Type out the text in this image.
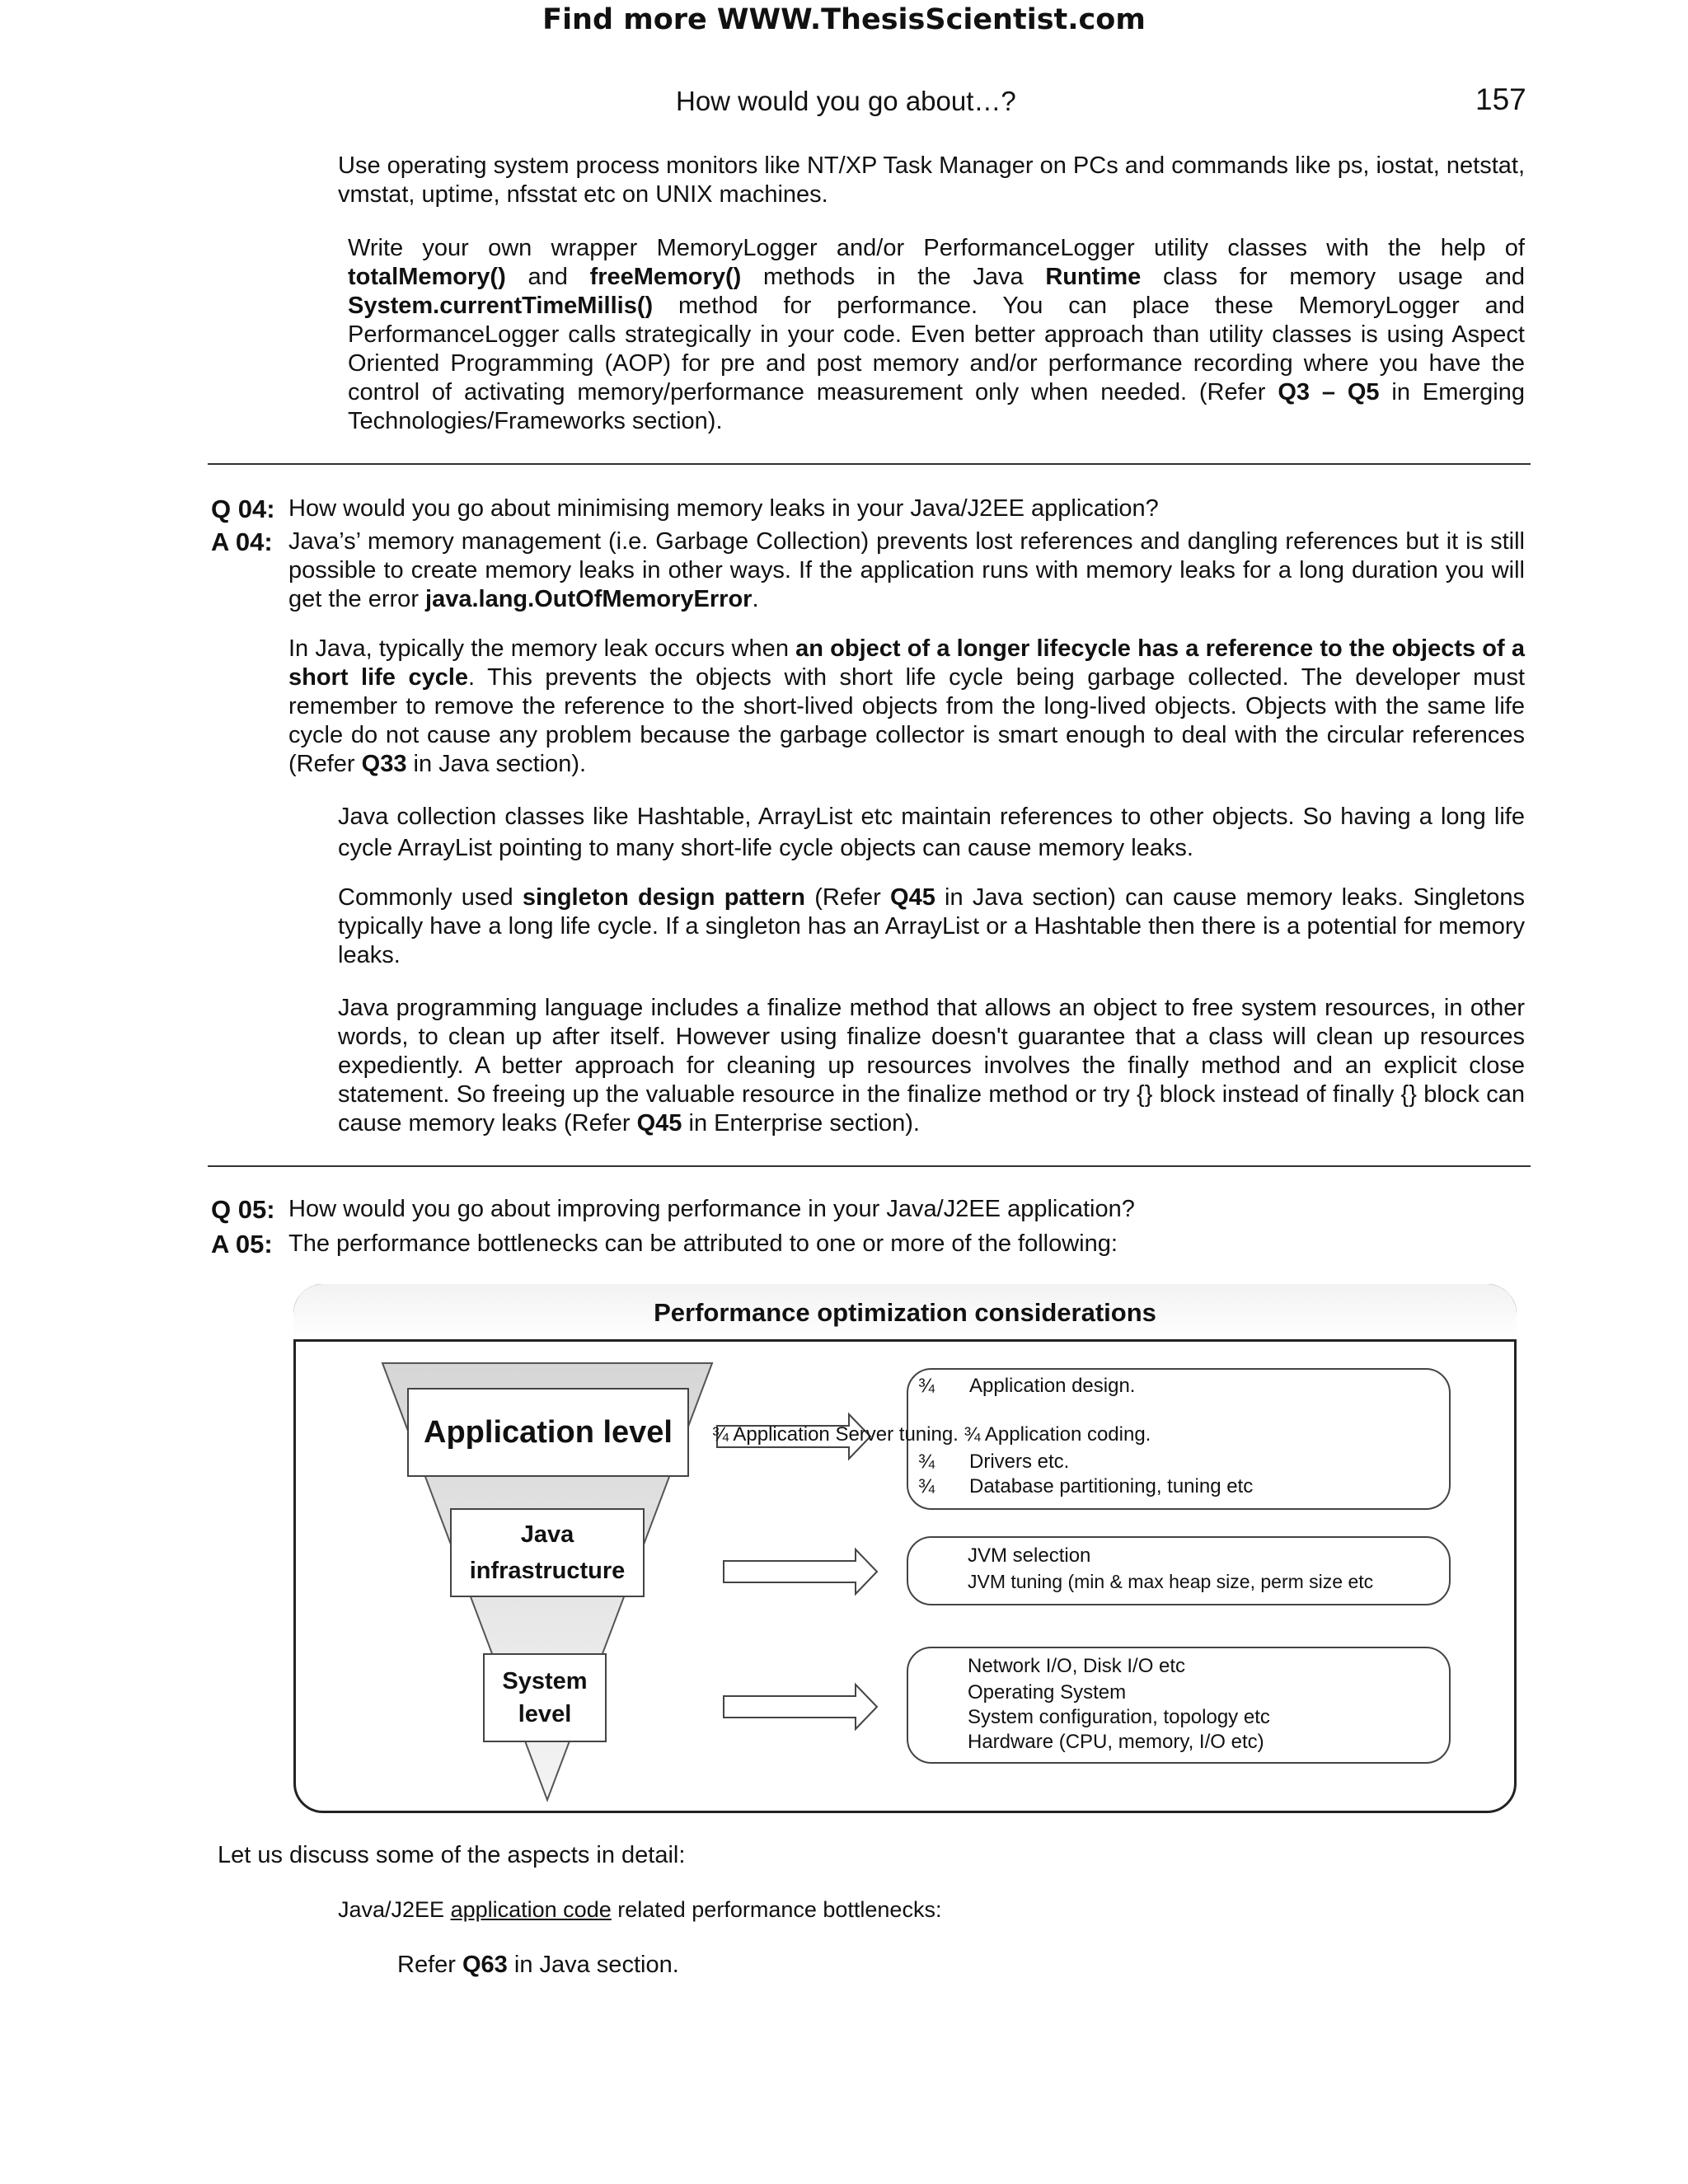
Find more WWW.ThesisScientist.com
How would you go about…?	157
Use operating system process monitors like NT/XP Task Manager on PCs and commands like ps, iostat, netstat, vmstat, uptime, nfsstat etc on UNIX machines.
Write your own wrapper MemoryLogger and/or PerformanceLogger utility classes with the help of totalMemory() and freeMemory() methods in the Java Runtime class for memory usage and System.currentTimeMillis() method for performance. You can place these MemoryLogger and PerformanceLogger calls strategically in your code. Even better approach than utility classes is using Aspect Oriented Programming (AOP) for pre and post memory and/or performance recording where you have the control of activating memory/performance measurement only when needed. (Refer Q3 – Q5 in Emerging Technologies/Frameworks section).
Q 04: How would you go about minimising memory leaks in your Java/J2EE application?
A 04: Java’s’ memory management (i.e. Garbage Collection) prevents lost references and dangling references but it is still possible to create memory leaks in other ways. If the application runs with memory leaks for a long duration you will get the error java.lang.OutOfMemoryError.
In Java, typically the memory leak occurs when an object of a longer lifecycle has a reference to the objects of a short life cycle. This prevents the objects with short life cycle being garbage collected. The developer must remember to remove the reference to the short-lived objects from the long-lived objects. Objects with the same life cycle do not cause any problem because the garbage collector is smart enough to deal with the circular references (Refer Q33 in Java section).
Java collection classes like Hashtable, ArrayList etc maintain references to other objects. So having a long life cycle ArrayList pointing to many short-life cycle objects can cause memory leaks.
Commonly used singleton design pattern (Refer Q45 in Java section) can cause memory leaks. Singletons typically have a long life cycle. If a singleton has an ArrayList or a Hashtable then there is a potential for memory leaks.
Java programming language includes a finalize method that allows an object to free system resources, in other words, to clean up after itself. However using finalize doesn't guarantee that a class will clean up resources expediently. A better approach for cleaning up resources involves the finally method and an explicit close statement. So freeing up the valuable resource in the finalize method or try {} block instead of finally {} block can cause memory leaks (Refer Q45 in Enterprise section).
Q 05: How would you go about improving performance in your Java/J2EE application?
A 05: The performance bottlenecks can be attributed to one or more of the following:
Performance optimization considerations
Application level
Java
infrastructure
System
level
¾ Application design.
¾ Application Server tuning. ¾ Application coding.
¾ Drivers etc.
¾ Database partitioning, tuning etc
JVM selection
JVM tuning (min & max heap size, perm size etc
Network I/O, Disk I/O etc
Operating System
System configuration, topology etc
Hardware (CPU, memory, I/O etc)
Let us discuss some of the aspects in detail:
Java/J2EE application code related performance bottlenecks:
Refer Q63 in Java section.
